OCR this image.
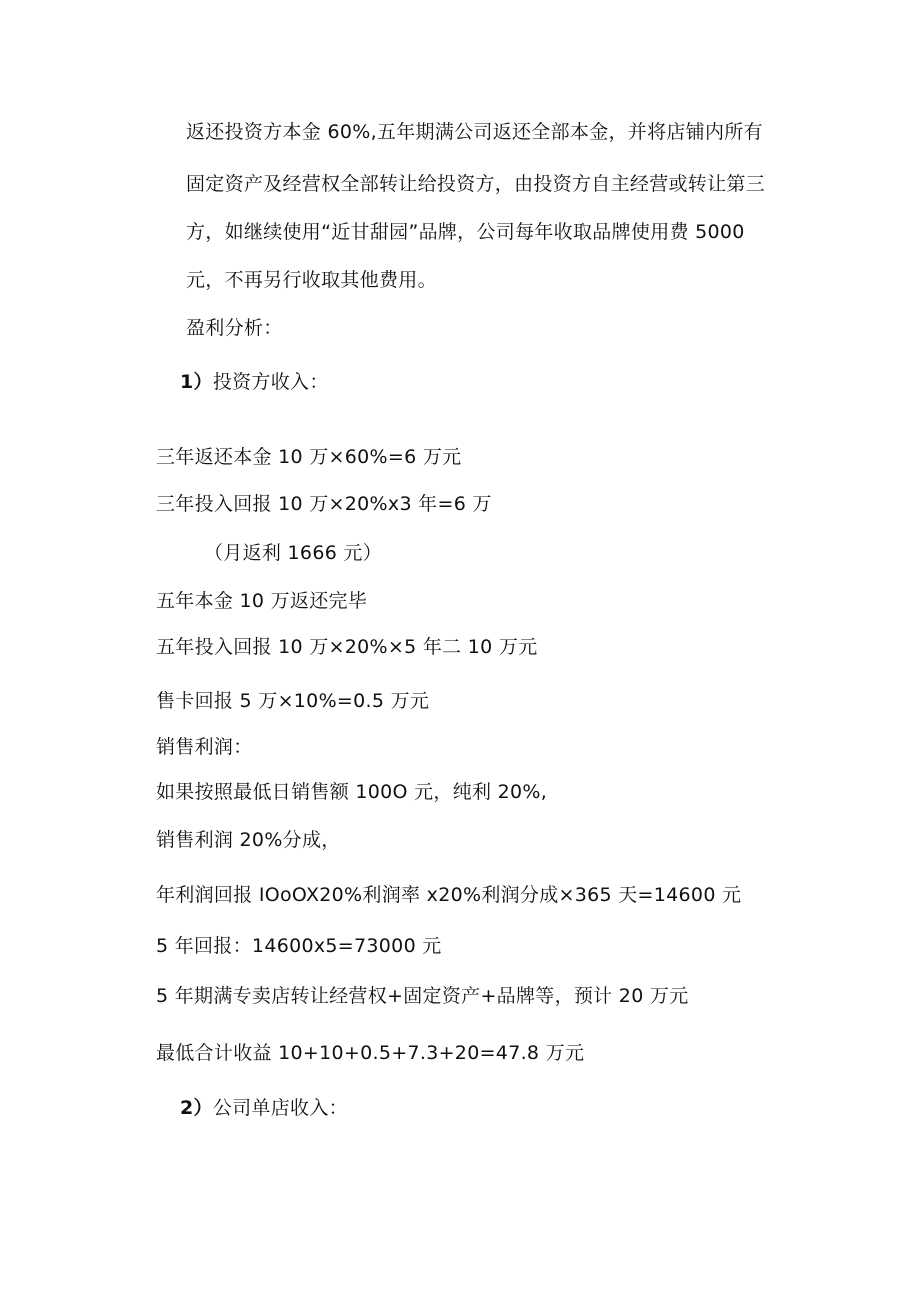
返还投资方本金 60%,五年期满公司返还全部本金，并将店铺内所有
固定资产及经营权全部转让给投资方，由投资方自主经营或转让第三
方，如继续使用“近甘甜园”品牌，公司每年收取品牌使用费 5000
元，不再另行收取其他费用。
盈利分析：
1）投资方收入：
三年返还本金 10 万×60%=6 万元
三年投入回报 10 万×20%x3 年=6 万
（月返利 1666 元）
五年本金 10 万返还完毕
五年投入回报 10 万×20%×5 年二 10 万元
售卡回报 5 万×10%=0.5 万元
销售利润：
如果按照最低日销售额 100O 元，纯利 20%,
销售利润 20%分成，
年利润回报 IOoOX20%利润率 x20%利润分成×365 天=14600 元
5 年回报：14600x5=73000 元
5 年期满专卖店转让经营权+固定资产+品牌等，预计 20 万元
最低合计收益 10+10+0.5+7.3+20=47.8 万元
2）公司单店收入：
